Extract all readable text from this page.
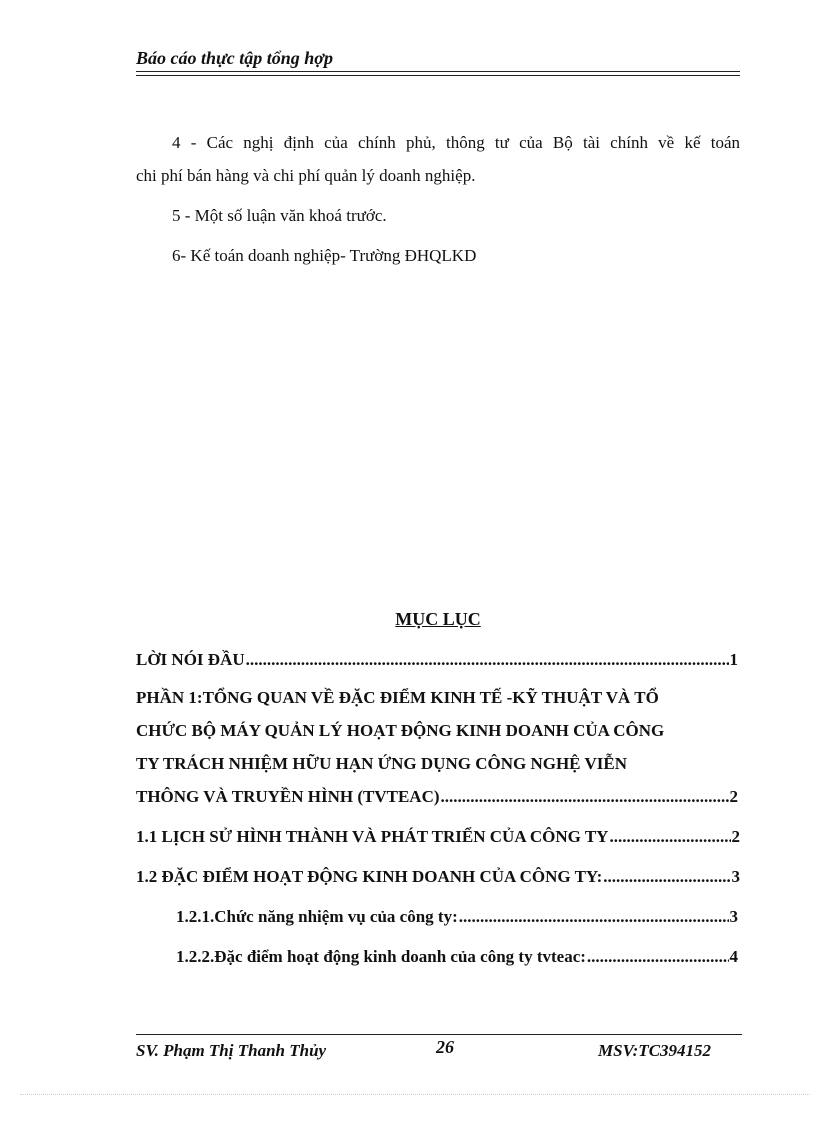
Báo cáo thực tập tổng hợp
4 - Các nghị định của chính phủ, thông tư của Bộ tài chính về kế toán
chi phí bán hàng và chi phí quản lý doanh nghiệp.
5 - Một số luận văn khoá trước.
6- Kế toán doanh nghiệp- Trường ĐHQLKD
MỤC LỤC
LỜI NÓI ĐẦU .....	1
PHẦN 1:TỔNG QUAN VỀ ĐẶC ĐIỂM KINH TẾ -KỸ THUẬT VÀ TỔ
CHỨC BỘ MÁY QUẢN LÝ HOẠT ĐỘNG KINH DOANH CỦA CÔNG
TY TRÁCH NHIỆM HỮU HẠN ỨNG DỤNG CÔNG NGHỆ VIỄN
THÔNG VÀ TRUYỀN HÌNH (TVTEAC) .....	2
1.1 LỊCH SỬ HÌNH THÀNH VÀ PHÁT TRIỂN CỦA CÔNG TY .....	2
1.2 ĐẶC ĐIỂM HOẠT ĐỘNG KINH DOANH CỦA CÔNG TY: .....	3
1.2.1.Chức năng nhiệm vụ của công ty: .....	3
1.2.2.Đặc điểm hoạt động kinh doanh của công ty tvteac: .....	4
SV. Phạm Thị Thanh Thủy	26	MSV:TC394152
